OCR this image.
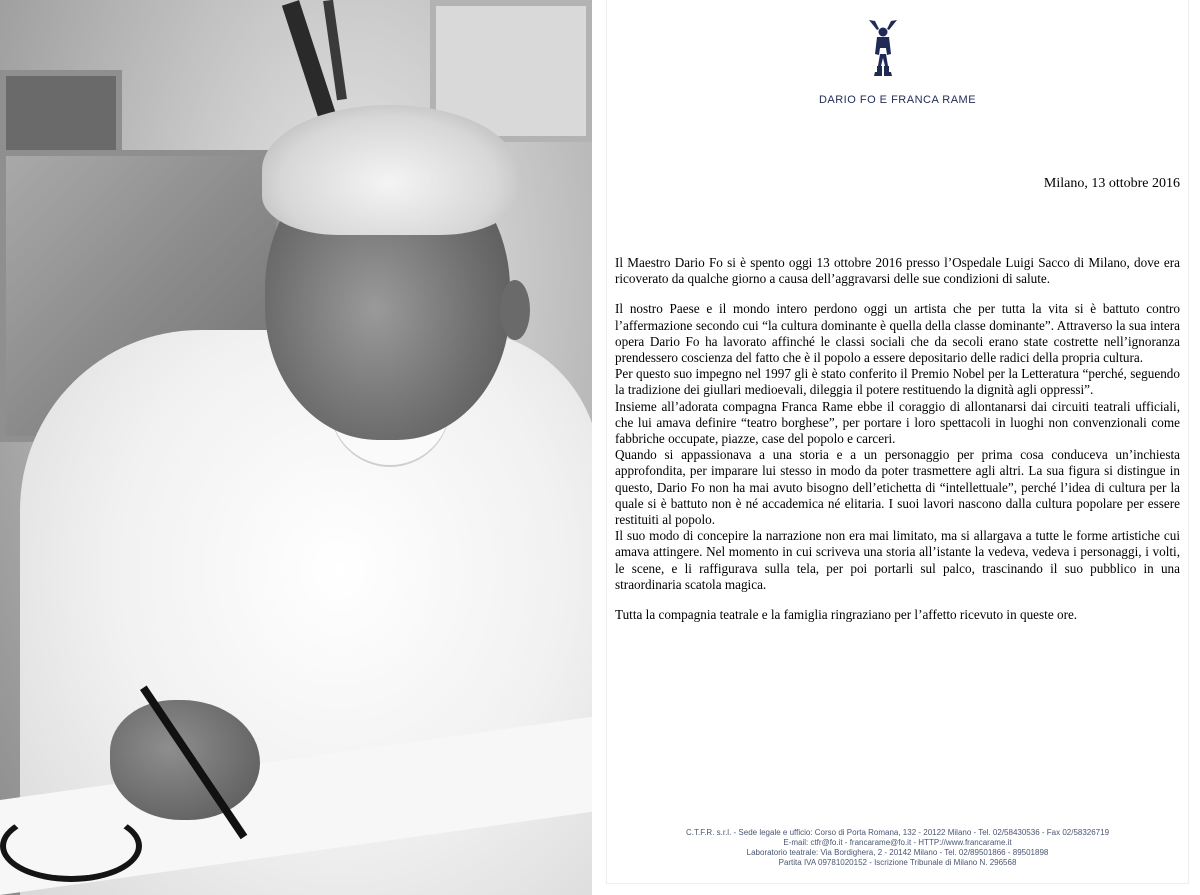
DARIO FO E FRANCA RAME
Milano, 13 ottobre 2016

Il Maestro Dario Fo si è spento oggi 13 ottobre 2016 presso l’Ospedale Luigi Sacco di Milano, dove era ricoverato da qualche giorno a causa dell’aggravarsi delle sue condizioni di salute.

Il nostro Paese e il mondo intero perdono oggi un artista che per tutta la vita si è battuto contro l’affermazione secondo cui “la cultura dominante è quella della classe dominante”. Attraverso la sua intera opera Dario Fo ha lavorato affinché le classi sociali che da secoli erano state costrette nell’ignoranza prendessero coscienza del fatto che è il popolo a essere depositario delle radici della propria cultura.

Per questo suo impegno nel 1997 gli è stato conferito il Premio Nobel per la Letteratura “perché, seguendo la tradizione dei giullari medioevali, dileggia il potere restituendo la dignità agli oppressi”.

Insieme all’adorata compagna Franca Rame ebbe il coraggio di allontanarsi dai circuiti teatrali ufficiali, che lui amava definire “teatro borghese”, per portare i loro spettacoli in luoghi non convenzionali come fabbriche occupate, piazze, case del popolo e carceri.

Quando si appassionava a una storia e a un personaggio per prima cosa conduceva un’inchiesta approfondita, per imparare lui stesso in modo da poter trasmettere agli altri. La sua figura si distingue in questo, Dario Fo non ha mai avuto bisogno dell’etichetta di “intellettuale”, perché l’idea di cultura per la quale si è battuto non è né accademica né elitaria. I suoi lavori nascono dalla cultura popolare per essere restituiti al popolo.

Il suo modo di concepire la narrazione non era mai limitato, ma si allargava a tutte le forme artistiche cui amava attingere. Nel momento in cui scriveva una storia all’istante la vedeva, vedeva i personaggi, i volti, le scene, e li raffigurava sulla tela, per poi portarli sul palco, trascinando il suo pubblico in una straordinaria scatola magica.

Tutta la compagnia teatrale e la famiglia ringraziano per l’affetto ricevuto in queste ore.

C.T.F.R. s.r.l. - Sede legale e ufficio: Corso di Porta Romana, 132 - 20122 Milano - Tel. 02/58430536 - Fax 02/58326719
E-mail: ctfr@fo.it - francarame@fo.it - HTTP://www.francarame.it
Laboratorio teatrale: Via Bordighera, 2 - 20142 Milano - Tel. 02/89501866 - 89501898
Partita IVA 09781020152 - Iscrizione Tribunale di Milano N. 296568
